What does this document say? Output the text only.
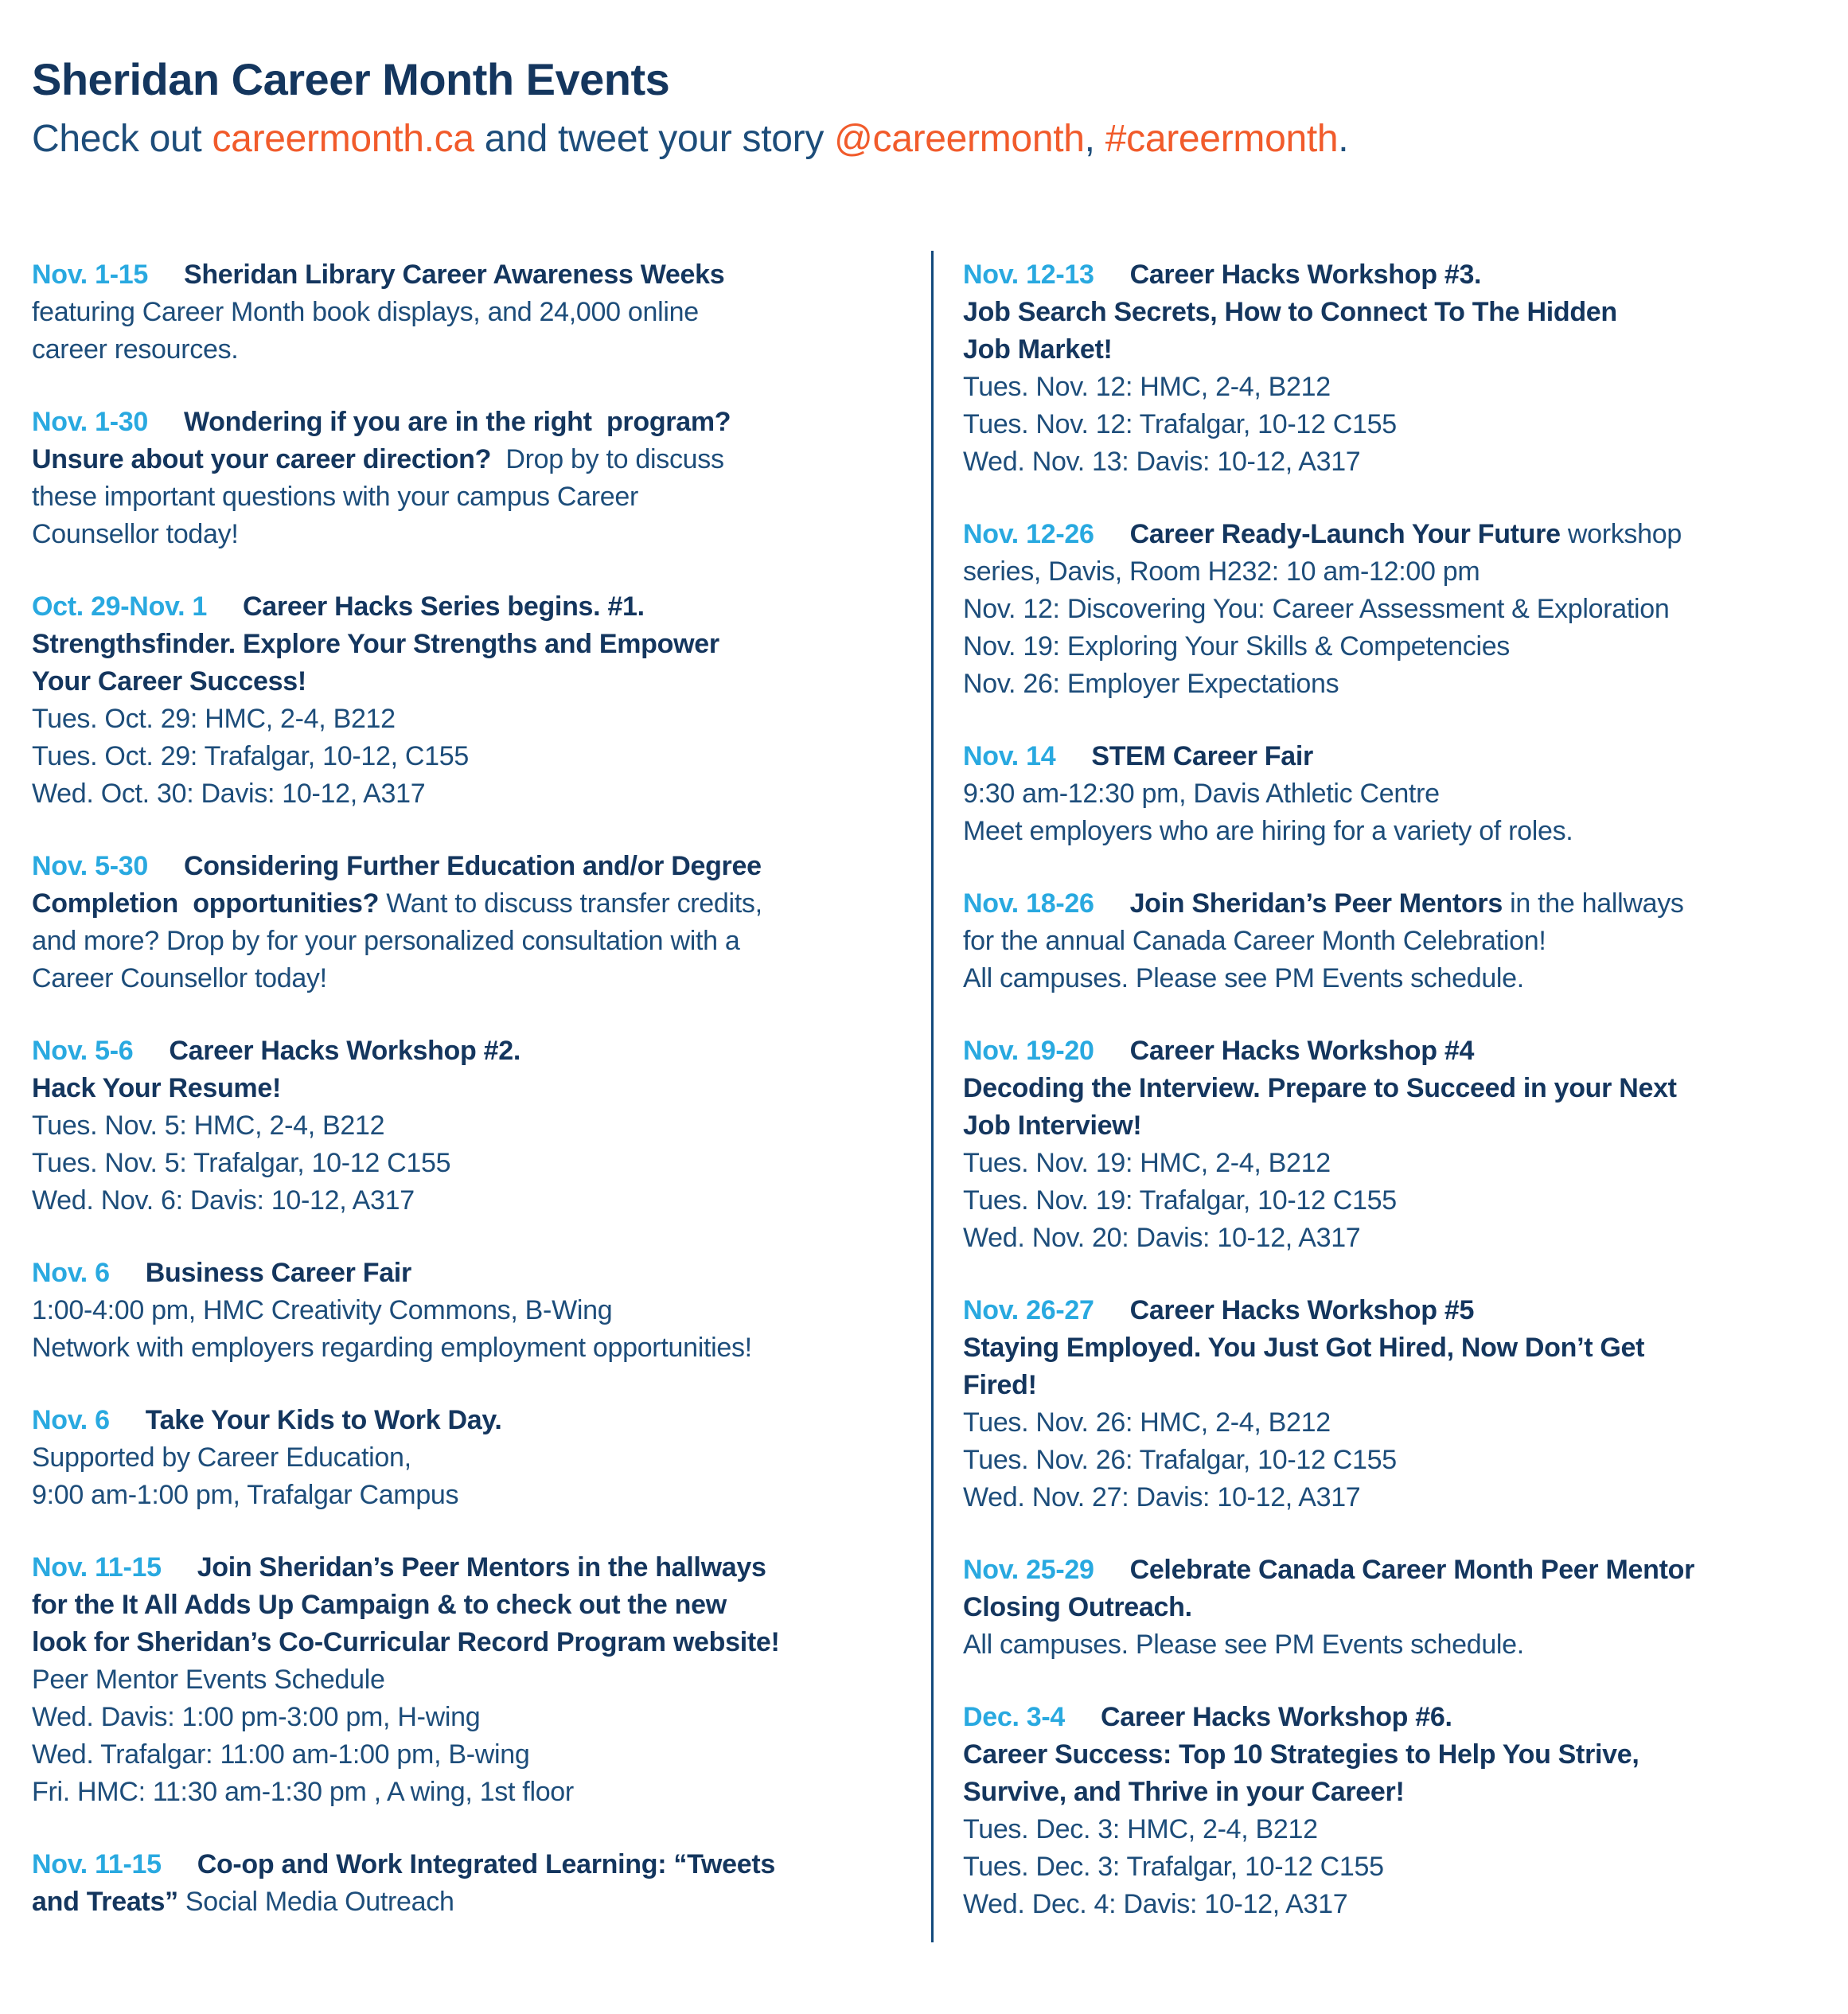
Sheridan Career Month Events

Check out careermonth.ca and tweet your story @careermonth, #careermonth.

Nov. 1-15 Sheridan Library Career Awareness Weeks
featuring Career Month book displays, and 24,000 online
career resources.
Nov. 1-30 Wondering if you are in the right  program?
Unsure about your career direction?  Drop by to discuss
these important questions with your campus Career
Counsellor today!
Oct. 29-Nov. 1 Career Hacks Series begins. #1.
Strengthsfinder. Explore Your Strengths and Empower
Your Career Success!
Tues. Oct. 29: HMC, 2-4, B212
Tues. Oct. 29: Trafalgar, 10-12, C155
Wed. Oct. 30: Davis: 10-12, A317
Nov. 5-30 Considering Further Education and/or Degree
Completion  opportunities? Want to discuss transfer credits,
and more? Drop by for your personalized consultation with a
Career Counsellor today!
Nov. 5-6 Career Hacks Workshop #2.
Hack Your Resume!
Tues. Nov. 5: HMC, 2-4, B212
Tues. Nov. 5: Trafalgar, 10-12 C155
Wed. Nov. 6: Davis: 10-12, A317
Nov. 6 Business Career Fair
1:00-4:00 pm, HMC Creativity Commons, B-Wing
Network with employers regarding employment opportunities!
Nov. 6 Take Your Kids to Work Day.
Supported by Career Education,
9:00 am-1:00 pm, Trafalgar Campus
Nov. 11-15 Join Sheridan’s Peer Mentors in the hallways
for the It All Adds Up Campaign & to check out the new
look for Sheridan’s Co-Curricular Record Program website!
Peer Mentor Events Schedule
Wed. Davis: 1:00 pm-3:00 pm, H-wing
Wed. Trafalgar: 11:00 am-1:00 pm, B-wing
Fri. HMC: 11:30 am-1:30 pm , A wing, 1st floor
Nov. 11-15 Co-op and Work Integrated Learning: “Tweets
and Treats” Social Media Outreach
Nov. 12-13 Career Hacks Workshop #3.
Job Search Secrets, How to Connect To The Hidden
Job Market!
Tues. Nov. 12: HMC, 2-4, B212
Tues. Nov. 12: Trafalgar, 10-12 C155
Wed. Nov. 13: Davis: 10-12, A317
Nov. 12-26 Career Ready-Launch Your Future workshop
series, Davis, Room H232: 10 am-12:00 pm
Nov. 12: Discovering You: Career Assessment & Exploration
Nov. 19: Exploring Your Skills & Competencies
Nov. 26: Employer Expectations
Nov. 14 STEM Career Fair
9:30 am-12:30 pm, Davis Athletic Centre
Meet employers who are hiring for a variety of roles.
Nov. 18-26 Join Sheridan’s Peer Mentors in the hallways
for the annual Canada Career Month Celebration!
All campuses. Please see PM Events schedule.
Nov. 19-20 Career Hacks Workshop #4
Decoding the Interview. Prepare to Succeed in your Next
Job Interview!
Tues. Nov. 19: HMC, 2-4, B212
Tues. Nov. 19: Trafalgar, 10-12 C155
Wed. Nov. 20: Davis: 10-12, A317
Nov. 26-27 Career Hacks Workshop #5
Staying Employed. You Just Got Hired, Now Don’t Get
Fired!
Tues. Nov. 26: HMC, 2-4, B212
Tues. Nov. 26: Trafalgar, 10-12 C155
Wed. Nov. 27: Davis: 10-12, A317
Nov. 25-29 Celebrate Canada Career Month Peer Mentor
Closing Outreach.
All campuses. Please see PM Events schedule.
Dec. 3-4 Career Hacks Workshop #6.
Career Success: Top 10 Strategies to Help You Strive,
Survive, and Thrive in your Career!
Tues. Dec. 3: HMC, 2-4, B212
Tues. Dec. 3: Trafalgar, 10-12 C155
Wed. Dec. 4: Davis: 10-12, A317
